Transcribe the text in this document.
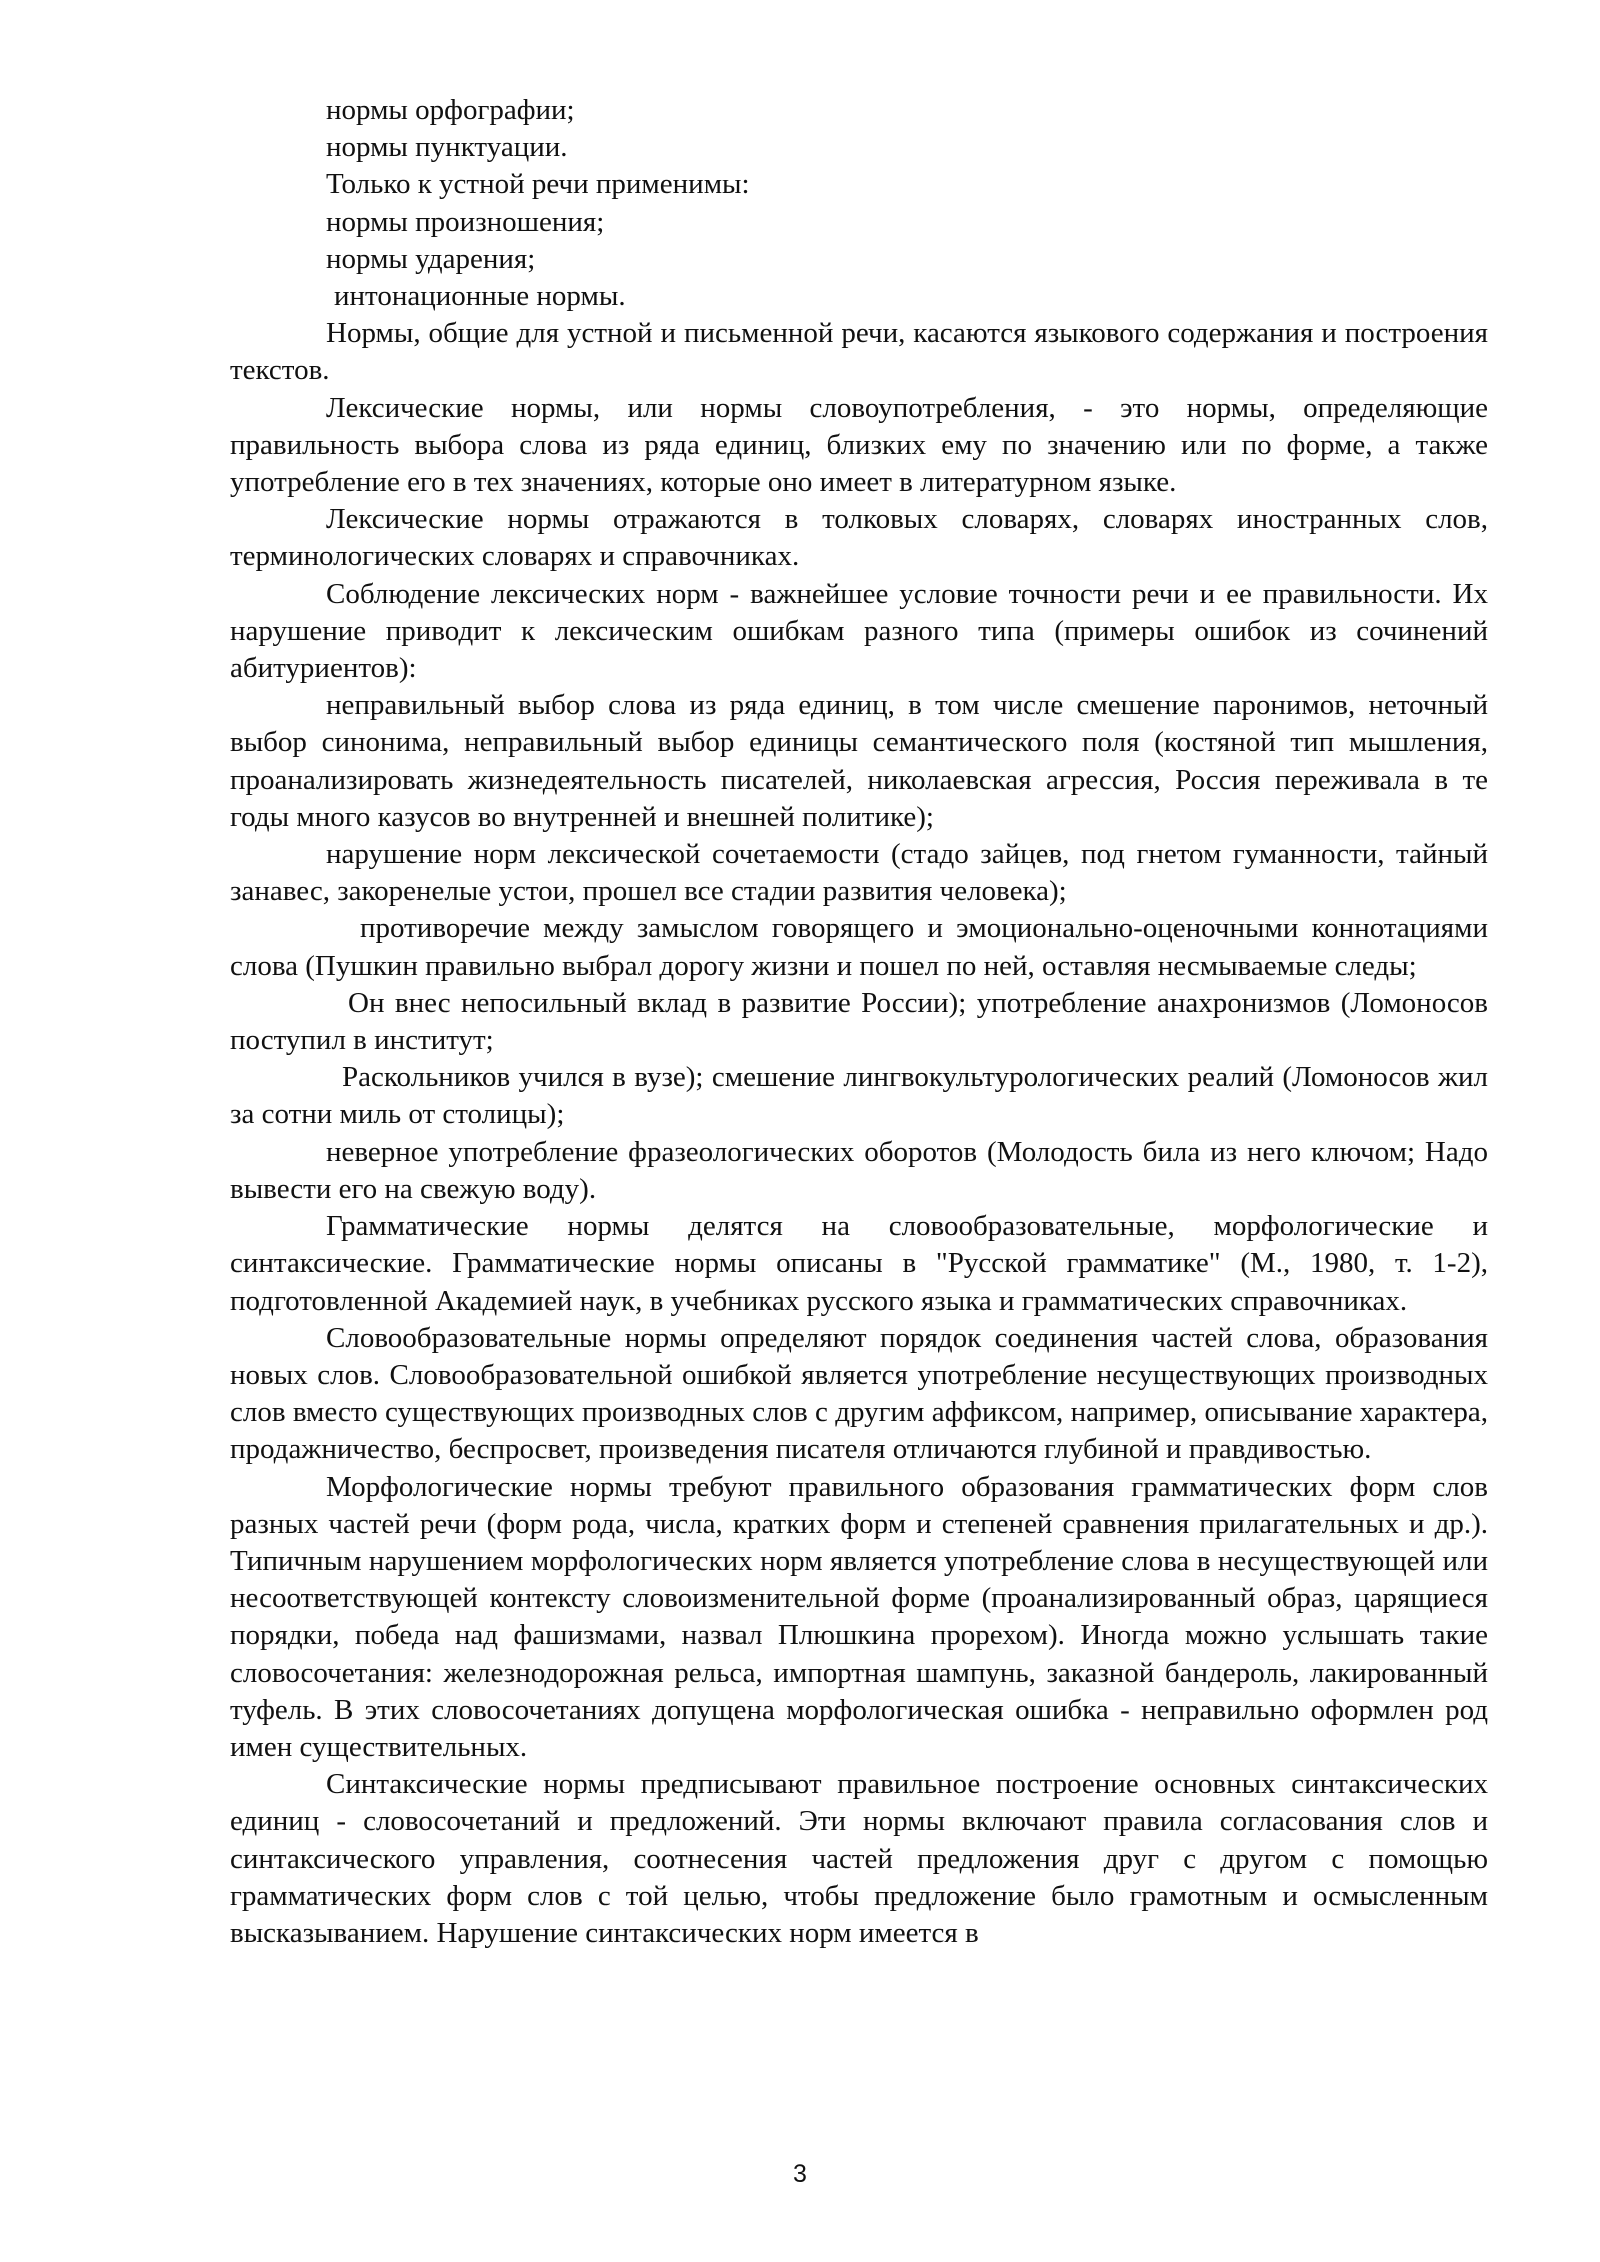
нормы орфографии;

нормы пунктуации.

Только к устной речи применимы:

нормы произношения;

нормы ударения;

интонационные нормы.

Нормы, общие для устной и письменной речи, касаются языкового содержания и построения текстов.

Лексические нормы, или нормы словоупотребления, - это нормы, определяющие правильность выбора слова из ряда единиц, близких ему по значению или по форме, а также употребление его в тех значениях, которые оно имеет в литературном языке.

Лексические нормы отражаются в толковых словарях, словарях иностранных слов, терминологических словарях и справочниках.

Соблюдение лексических норм - важнейшее условие точности речи и ее правильности. Их нарушение приводит к лексическим ошибкам разного типа (примеры ошибок из сочинений абитуриентов):

неправильный выбор слова из ряда единиц, в том числе смешение паронимов, неточный выбор синонима, неправильный выбор единицы семантического поля (костяной тип мышления, проанализировать жизнедеятельность писателей, николаевская агрессия, Россия переживала в те годы много казусов во внутренней и внешней политике);

нарушение норм лексической сочетаемости (стадо зайцев, под гнетом гуманности, тайный занавес, закоренелые устои, прошел все стадии развития человека);

противоречие между замыслом говорящего и эмоционально-оценочными коннотациями слова (Пушкин правильно выбрал дорогу жизни и пошел по ней, оставляя несмываемые следы;

Он внес непосильный вклад в развитие России); употребление анахронизмов (Ломоносов поступил в институт;

Раскольников учился в вузе); смешение лингвокультурологических реалий (Ломоносов жил за сотни миль от столицы);

неверное употребление фразеологических оборотов (Молодость била из него ключом; Надо вывести его на свежую воду).

Грамматические нормы делятся на словообразовательные, морфологические и синтаксические. Грамматические нормы описаны в "Русской грамматике" (М., 1980, т. 1-2), подготовленной Академией наук, в учебниках русского языка и грамматических справочниках.

Словообразовательные нормы определяют порядок соединения частей слова, образования новых слов. Словообразовательной ошибкой является употребление несуществующих производных слов вместо существующих производных слов с другим аффиксом, например, описывание характера, продажничество, беспросвет, произведения писателя отличаются глубиной и правдивостью.

Морфологические нормы требуют правильного образования грамматических форм слов разных частей речи (форм рода, числа, кратких форм и степеней сравнения прилагательных и др.). Типичным нарушением морфологических норм является употребление слова в несуществующей или несоответствующей контексту словоизменительной форме (проанализированный образ, царящиеся порядки, победа над фашизмами, назвал Плюшкина прорехом). Иногда можно услышать такие словосочетания: железнодорожная рельса, импортная шампунь, заказной бандероль, лакированный туфель. В этих словосочетаниях допущена морфологическая ошибка - неправильно оформлен род имен существительных.

Синтаксические нормы предписывают правильное построение основных синтаксических единиц - словосочетаний и предложений. Эти нормы включают правила согласования слов и синтаксического управления, соотнесения частей предложения друг с другом с помощью грамматических форм слов с той целью, чтобы предложение было грамотным и осмысленным высказыванием. Нарушение синтаксических норм имеется в

3
